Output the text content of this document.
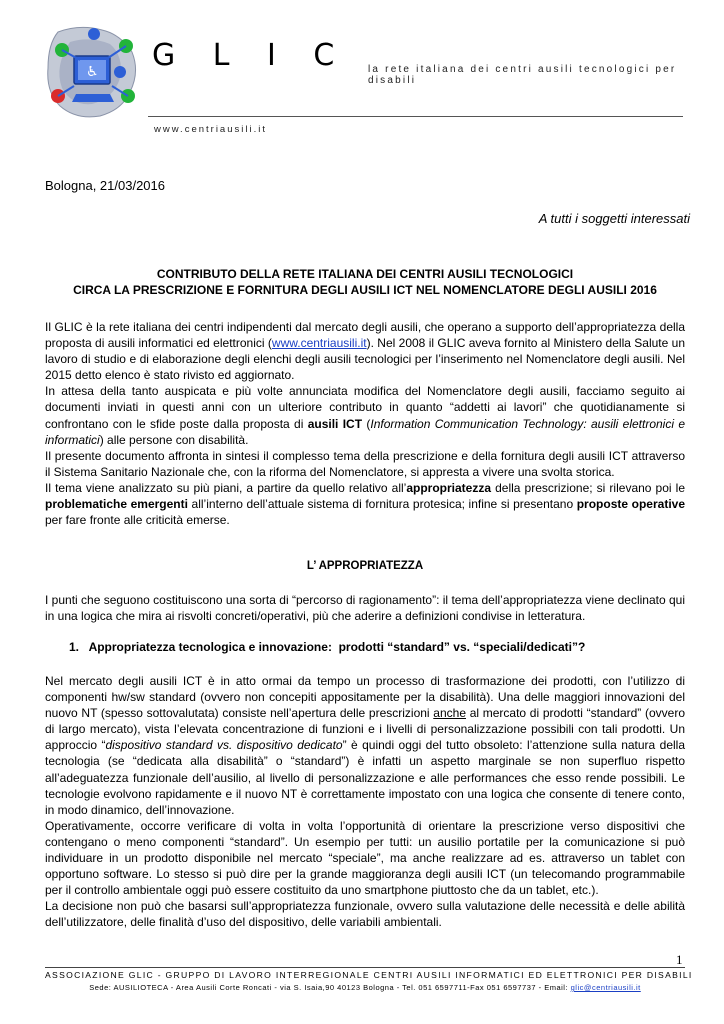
♿ G L I C la rete italiana dei centri ausili tecnologici per disabili
www.centriausili.it
Bologna, 21/03/2016
A tutti i soggetti interessati
CONTRIBUTO DELLA RETE ITALIANA DEI CENTRI AUSILI TECNOLOGICI
CIRCA LA PRESCRIZIONE E FORNITURA DEGLI AUSILI ICT NEL NOMENCLATORE DEGLI AUSILI 2016

Il GLIC è la rete italiana dei centri indipendenti dal mercato degli ausili, che operano a supporto dell’appropriatezza della proposta di ausili informatici ed elettronici (www.centriausili.it). Nel 2008 il GLIC aveva fornito al Ministero della Salute un lavoro di studio e di elaborazione degli elenchi degli ausili tecnologici per l’inserimento nel Nomenclatore degli ausili. Nel 2015 detto elenco è stato rivisto ed aggiornato.

In attesa della tanto auspicata e più volte annunciata modifica del Nomenclatore degli ausili, facciamo seguito ai documenti inviati in questi anni con un ulteriore contributo in quanto “addetti ai lavori” che quotidianamente si confrontano con le sfide poste dalla proposta di ausili ICT (Information Communication Technology: ausili elettronici e informatici) alle persone con disabilità.

Il presente documento affronta in sintesi il complesso tema della prescrizione e della fornitura degli ausili ICT attraverso il Sistema Sanitario Nazionale che, con la riforma del Nomenclatore, si appresta a vivere una svolta storica.

Il tema viene analizzato su più piani, a partire da quello relativo all’appropriatezza della prescrizione; si rilevano poi le problematiche emergenti all’interno dell’attuale sistema di fornitura protesica; infine si presentano proposte operative per fare fronte alle criticità emerse.

L’ APPROPRIATEZZA

I punti che seguono costituiscono una sorta di “percorso di ragionamento”: il tema dell’appropriatezza viene declinato qui in una logica che mira ai risvolti concreti/operativi, più che aderire a definizioni condivise in letteratura.

1.   Appropriatezza tecnologica e innovazione:  prodotti “standard” vs. “speciali/dedicati”?

Nel mercato degli ausili ICT è in atto ormai da tempo un processo di trasformazione dei prodotti, con l’utilizzo di componenti hw/sw standard (ovvero non concepiti appositamente per la disabilità). Una delle maggiori innovazioni del nuovo NT (spesso sottovalutata) consiste nell’apertura delle prescrizioni anche al mercato di prodotti “standard” (ovvero di largo mercato), vista l’elevata concentrazione di funzioni e i livelli di personalizzazione possibili con tali prodotti. Un approccio “dispositivo standard vs. dispositivo dedicato” è quindi oggi del tutto obsoleto: l’attenzione sulla natura della tecnologia (se “dedicata alla disabilità” o “standard”) è infatti un aspetto marginale se non superfluo rispetto all’adeguatezza funzionale dell’ausilio, al livello di personalizzazione e alle performances che esso rende possibili. Le tecnologie evolvono rapidamente e il nuovo NT è correttamente impostato con una logica che consente di tenere conto, in modo dinamico, dell’innovazione.

Operativamente, occorre verificare di volta in volta l’opportunità di orientare la prescrizione verso dispositivi che contengano o meno componenti “standard”. Un esempio per tutti: un ausilio portatile per la comunicazione si può individuare in un prodotto disponibile nel mercato “speciale”, ma anche realizzare ad es. attraverso un tablet con opportuno software. Lo stesso si può dire per la grande maggioranza degli ausili ICT (un telecomando programmabile per il controllo ambientale oggi può essere costituito da uno smartphone piuttosto che da un tablet, etc.).

La decisione non può che basarsi sull’appropriatezza funzionale, ovvero sulla valutazione delle necessità e delle abilità dell’utilizzatore, delle finalità d’uso del dispositivo, delle variabili ambientali.

1
ASSOCIAZIONE GLIC - GRUPPO DI LAVORO INTERREGIONALE CENTRI AUSILI INFORMATICI ED ELETTRONICI PER DISABILI
Sede: AUSILIOTECA - Area Ausili Corte Roncati - via S. Isaia,90 40123 Bologna - Tel. 051 6597711-Fax 051 6597737 - Email: glic@centriausili.it
